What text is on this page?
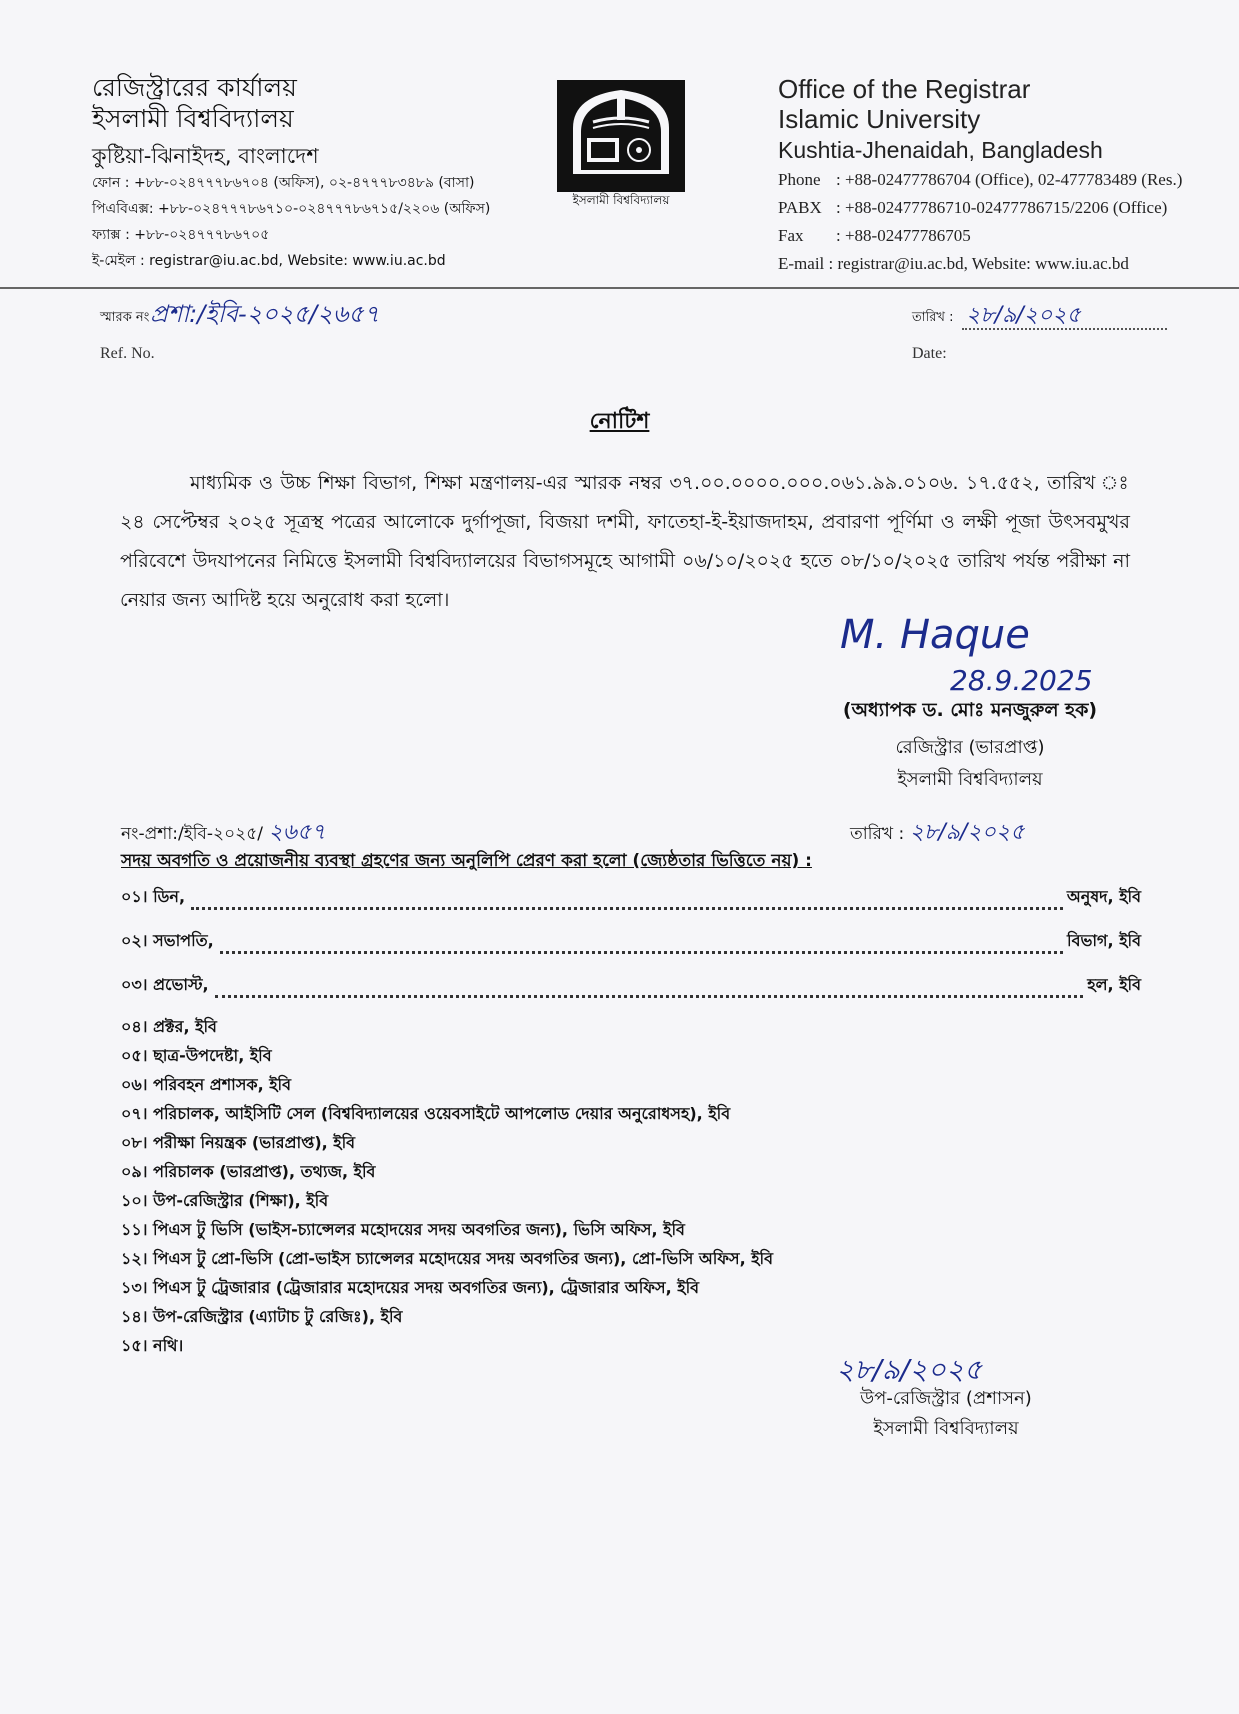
রেজিস্ট্রারের কার্যালয়
ইসলামী বিশ্ববিদ্যালয়
কুষ্টিয়া-ঝিনাইদহ, বাংলাদেশ
ফোন : +৮৮-০২৪৭৭৭৮৬৭০৪ (অফিস), ০২-৪৭৭৭৮৩৪৮৯ (বাসা)
পিএবিএক্স: +৮৮-০২৪৭৭৭৮৬৭১০-০২৪৭৭৭৮৬৭১৫/২২০৬ (অফিস)
ফ্যাক্স : +৮৮-০২৪৭৭৭৮৬৭০৫
ই-মেইল : registrar@iu.ac.bd, Website: www.iu.ac.bd
ইসলামী বিশ্ববিদ্যালয়
Office of the Registrar
Islamic University
Kushtia-Jhenaidah, Bangladesh
Phone : +88-02477786704 (Office), 02-477783489 (Res.)
PABX : +88-02477786710-02477786715/2206 (Office)
Fax	: +88-02477786705
E-mail : registrar@iu.ac.bd, Website: www.iu.ac.bd
স্মারক নং প্রশা:/ইবি-২০২৫/২৬৫৭
Ref. No.
তারিখ : ২৮/৯/২০২৫
Date:
নোটিশ

মাধ্যমিক ও উচ্চ শিক্ষা বিভাগ, শিক্ষা মন্ত্রণালয়-এর স্মারক নম্বর ৩৭.০০.০০০০.০০০.০৬১.৯৯.০১০৬. ১৭.৫৫২, তারিখ ঃ ২৪ সেপ্টেম্বর ২০২৫ সূত্রস্থ পত্রের আলোকে দুর্গাপূজা, বিজয়া দশমী, ফাতেহা-ই-ইয়াজদাহম, প্রবারণা পূর্ণিমা ও লক্ষী পূজা উৎসবমুখর পরিবেশে উদযাপনের নিমিত্তে ইসলামী বিশ্ববিদ্যালয়ের বিভাগসমূহে আগামী ০৬/১০/২০২৫ হতে ০৮/১০/২০২৫ তারিখ পর্যন্ত পরীক্ষা না নেয়ার জন্য আদিষ্ট হয়ে অনুরোধ করা হলো।

M. Haque
28.9.2025
(অধ্যাপক ড. মোঃ মনজুরুল হক)
রেজিস্ট্রার (ভারপ্রাপ্ত)
ইসলামী বিশ্ববিদ্যালয়
নং-প্রশা:/ইবি-২০২৫/ ২৬৫৭	তারিখ : ২৮/৯/২০২৫
সদয় অবগতি ও প্রয়োজনীয় ব্যবস্থা গ্রহণের জন্য অনুলিপি প্রেরণ করা হলো (জ্যেষ্ঠতার ভিত্তিতে নয়) :
০১। ডিন,	অনুষদ, ইবি
০২। সভাপতি,	বিভাগ, ইবি
০৩। প্রভোস্ট,	হল, ইবি
০৪। প্রক্টর, ইবি
০৫। ছাত্র-উপদেষ্টা, ইবি
০৬। পরিবহন প্রশাসক, ইবি
০৭। পরিচালক, আইসিটি সেল (বিশ্ববিদ্যালয়ের ওয়েবসাইটে আপলোড দেয়ার অনুরোধসহ), ইবি
০৮। পরীক্ষা নিয়ন্ত্রক (ভারপ্রাপ্ত), ইবি
০৯। পরিচালক (ভারপ্রাপ্ত), তথ্যজ, ইবি
১০। উপ-রেজিস্ট্রার (শিক্ষা), ইবি
১১। পিএস টু ভিসি (ভাইস-চ্যান্সেলর মহোদয়ের সদয় অবগতির জন্য), ভিসি অফিস, ইবি
১২। পিএস টু প্রো-ভিসি (প্রো-ভাইস চ্যান্সেলর মহোদয়ের সদয় অবগতির জন্য), প্রো-ভিসি অফিস, ইবি
১৩। পিএস টু ট্রেজারার (ট্রেজারার মহোদয়ের সদয় অবগতির জন্য), ট্রেজারার অফিস, ইবি
১৪। উপ-রেজিস্ট্রার (এ্যাটাচ টু রেজিঃ), ইবি
১৫। নথি।
২৮/৯/২০২৫
উপ-রেজিস্ট্রার (প্রশাসন)
ইসলামী বিশ্ববিদ্যালয়
